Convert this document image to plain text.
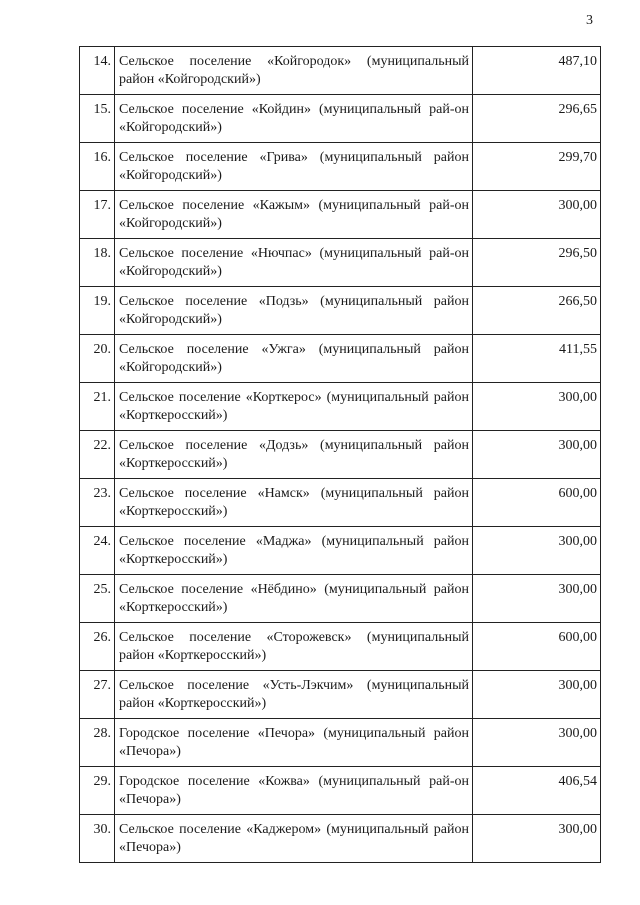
3
14.	Сельское поселение «Койгородок» (муниципальный район «Койгородский»)	487,10
15.	Сельское поселение «Койдин» (муниципальный рай-он «Койгородский»)	296,65
16.	Сельское поселение «Грива» (муниципальный район «Койгородский»)	299,70
17.	Сельское поселение «Кажым» (муниципальный рай-он «Койгородский»)	300,00
18.	Сельское поселение «Нючпас» (муниципальный рай-он «Койгородский»)	296,50
19.	Сельское поселение «Подзь» (муниципальный район «Койгородский»)	266,50
20.	Сельское поселение «Ужга» (муниципальный район «Койгородский»)	411,55
21.	Сельское поселение «Корткерос» (муниципальный район «Корткеросский»)	300,00
22.	Сельское поселение «Додзь» (муниципальный район «Корткеросский»)	300,00
23.	Сельское поселение «Намск» (муниципальный район «Корткеросский»)	600,00
24.	Сельское поселение «Маджа» (муниципальный район «Корткеросский»)	300,00
25.	Сельское поселение «Нёбдино» (муниципальный район «Корткеросский»)	300,00
26.	Сельское поселение «Сторожевск» (муниципальный район «Корткеросский»)	600,00
27.	Сельское поселение «Усть-Лэкчим» (муниципальный район «Корткеросский»)	300,00
28.	Городское поселение «Печора» (муниципальный район «Печора»)	300,00
29.	Городское поселение «Кожва» (муниципальный рай-он «Печора»)	406,54
30.	Сельское поселение «Каджером» (муниципальный район «Печора»)	300,00
